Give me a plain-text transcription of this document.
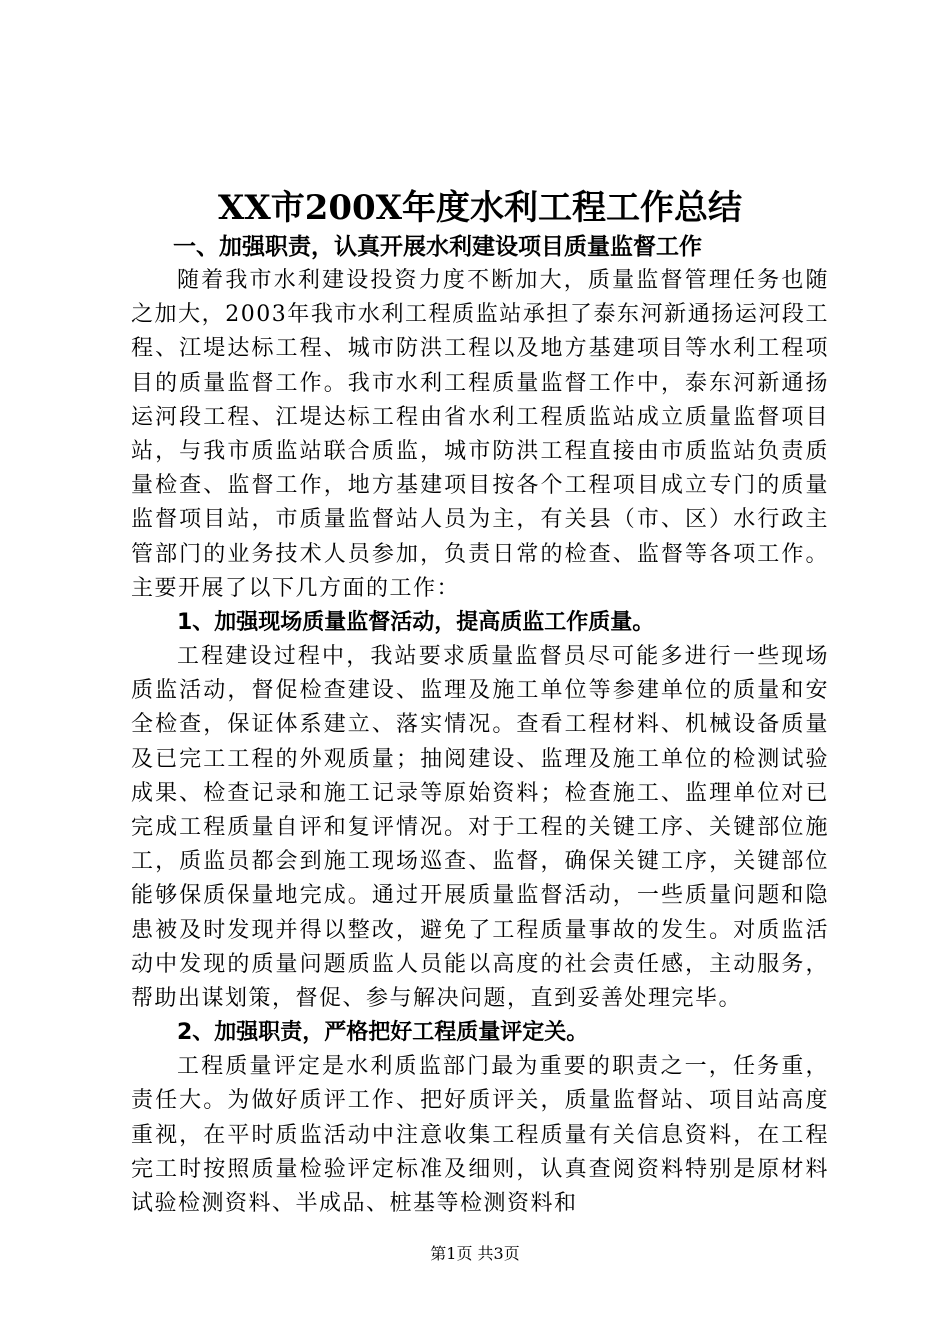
XX市200X年度水利工程工作总结
一、加强职责，认真开展水利建设项目质量监督工作

随着我市水利建设投资力度不断加大，质量监督管理任务也随之加大，2003年我市水利工程质监站承担了泰东河新通扬运河段工程、江堤达标工程、城市防洪工程以及地方基建项目等水利工程项目的质量监督工作。我市水利工程质量监督工作中，泰东河新通扬运河段工程、江堤达标工程由省水利工程质监站成立质量监督项目站，与我市质监站联合质监，城市防洪工程直接由市质监站负责质量检查、监督工作，地方基建项目按各个工程项目成立专门的质量监督项目站，市质量监督站人员为主，有关县（市、区）水行政主管部门的业务技术人员参加，负责日常的检查、监督等各项工作。主要开展了以下几方面的工作：

1、加强现场质量监督活动，提高质监工作质量。

工程建设过程中，我站要求质量监督员尽可能多进行一些现场质监活动，督促检查建设、监理及施工单位等参建单位的质量和安全检查，保证体系建立、落实情况。查看工程材料、机械设备质量及已完工工程的外观质量；抽阅建设、监理及施工单位的检测试验成果、检查记录和施工记录等原始资料；检查施工、监理单位对已完成工程质量自评和复评情况。对于工程的关键工序、关键部位施工，质监员都会到施工现场巡查、监督，确保关键工序，关键部位能够保质保量地完成。通过开展质量监督活动，一些质量问题和隐患被及时发现并得以整改，避免了工程质量事故的发生。对质监活动中发现的质量问题质监人员能以高度的社会责任感，主动服务，帮助出谋划策，督促、参与解决问题，直到妥善处理完毕。

2、加强职责，严格把好工程质量评定关。

工程质量评定是水利质监部门最为重要的职责之一，任务重，责任大。为做好质评工作、把好质评关，质量监督站、项目站高度重视，在平时质监活动中注意收集工程质量有关信息资料，在工程完工时按照质量检验评定标准及细则，认真查阅资料特别是原材料试验检测资料、半成品、桩基等检测资料和

第1页 共3页
